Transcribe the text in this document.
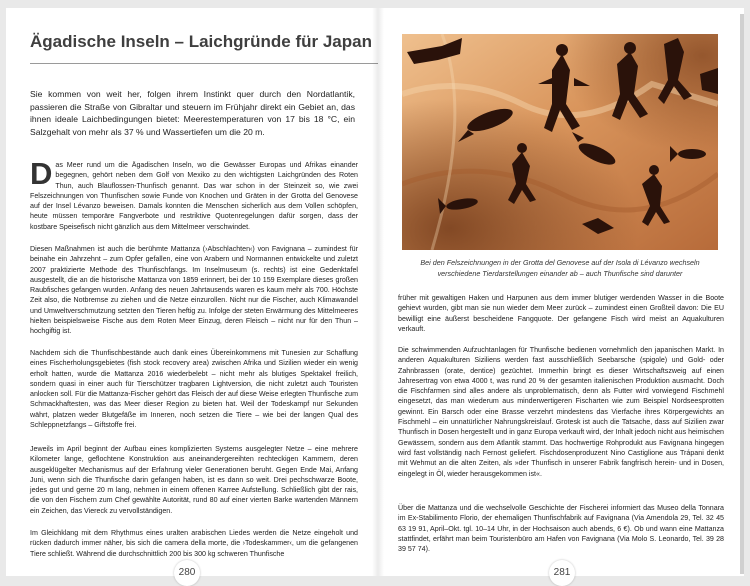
Ägadische Inseln – Laichgründe für Japan

Sie kommen von weit her, folgen ihrem Instinkt quer durch den Nordatlantik, passieren die Straße von Gibraltar und steuern im Frühjahr direkt ein Gebiet an, das ihnen ideale Laichbedingungen bietet: Meerestemperaturen von 17 bis 18 °C, ein Salzgehalt von mehr als 37 % und Wassertiefen um die 20 m.

Das Meer rund um die Ägadischen Inseln, wo die Gewässer Europas und Afrikas einander begegnen, gehört neben dem Golf von Mexiko zu den wichtigsten Laichgründen des Roten Thun, auch Blauflossen-Thunfisch genannt. Das war schon in der Steinzeit so, wie zwei Felszeichnungen von Thunfischen sowie Funde von Knochen und Gräten in der Grotta del Genovese auf der Insel Lévanzo beweisen. Damals konnten die Menschen sicherlich aus dem Vollen schöpfen, heute müssen temporäre Fangverbote und restriktive Quotenregelungen dafür sorgen, dass der kostbare Speisefisch nicht gänzlich aus dem Mittelmeer verschwindet.

Diesen Maßnahmen ist auch die berühmte Mattanza (›Abschlachten‹) von Favignana – zumindest für beinahe ein Jahrzehnt – zum Opfer gefallen, eine von Arabern und Normannen entwickelte und zuletzt 2007 praktizierte Methode des Thunfischfangs. Im Inselmuseum (s. rechts) ist eine Gedenktafel ausgestellt, die an die historische Mattanza von 1859 erinnert, bei der 10 159 Exemplare dieses großen Raubfisches gefangen wurden. Anfang des neuen Jahrtausends waren es kaum mehr als 700. Höchste Zeit also, die Notbremse zu ziehen und die Netze einzurollen. Nicht nur die Fischer, auch Klimawandel und Umweltverschmutzung setzten den Tieren heftig zu. Infolge der steten Erwärmung des Mittelmeeres hielten beispielsweise Fische aus dem Roten Meer Einzug, deren Fleisch – nicht nur für den Thun – hochgiftig ist.

Nachdem sich die Thunfischbestände auch dank eines Übereinkommens mit Tunesien zur Schaffung eines Fischerholungsgebietes (fish stock recovery area) zwischen Afrika und Sizilien wieder ein wenig erholt hatten, wurde die Mattanza 2016 wiederbelebt – nicht mehr als blutiges Spektakel freilich, sondern quasi in einer auch für Tierschützer tragbaren Lightversion, die nicht zuletzt auch Touristen anlocken soll. Für die Mattanza-Fischer gehört das Fleisch der auf diese Weise erlegten Thunfische zum Schmackhaftesten, was das Meer dieser Region zu bieten hat. Weil der Todeskampf nur Sekunden währt, platzen weder Blutgefäße im Inneren, noch setzen die Tiere – wie bei der langen Qual des Schleppnetzfangs – Giftstoffe frei.

Jeweils im April beginnt der Aufbau eines komplizierten Systems ausgelegter Netze – eine mehrere Kilometer lange, geflochtene Konstruktion aus aneinandergereihten rechteckigen Kammern, deren ausgeklügelter Mechanismus auf der Erfahrung vieler Generationen beruht. Gegen Ende Mai, Anfang Juni, wenn sich die Thunfische darin gefangen haben, ist es dann so weit. Drei pechschwarze Boote, jedes gut und gerne 20 m lang, nehmen in einem offenen Karree Aufstellung. Schließlich gibt der rais, die von den Fischern zum Chef gewählte Autorität, rund 80 auf einer vierten Barke wartenden Männern ein Zeichen, das Viereck zu vervollständigen.

Im Gleichklang mit dem Rhythmus eines uralten arabischen Liedes werden die Netze eingeholt und rücken dadurch immer näher, bis sich die camera della morte, die ›Todeskammer‹, um die gefangenen Tiere schließt. Während die durchschnittlich 200 bis 300 kg schweren Thunfische

Bei den Felszeichnungen in der Grotta del Genovese auf der Isola di Lévanzo wechseln verschiedene Tierdarstellungen einander ab – auch Thunfische sind darunter

früher mit gewaltigen Haken und Harpunen aus dem immer blutiger werdenden Wasser in die Boote gehievt wurden, gibt man sie nun wieder dem Meer zurück – zumindest einen Großteil davon: Die EU bewilligt eine äußerst bescheidene Fangquote. Der gefangene Fisch wird meist an Aquakulturen verkauft.

Die schwimmenden Aufzuchtanlagen für Thunfische bedienen vornehmlich den japanischen Markt. In anderen Aquakulturen Siziliens werden fast ausschließlich Seebarsche (spigole) und Gold- oder Zahnbrassen (orate, dentice) gezüchtet. Immerhin bringt es dieser Wirtschaftszweig auf einen Jahresertrag von etwa 4000 t, was rund 20 % der gesamten italienischen Produktion ausmacht. Doch die Fischfarmen sind alles andere als unproblematisch, denn als Futter wird vorwiegend Fischmehl eingesetzt, das man wiederum aus minderwertigeren Fischarten wie zum Beispiel Nordseesprotten gewinnt. Ein Barsch oder eine Brasse verzehrt mindestens das Vierfache ihres Körpergewichts an Fischmehl – ein unnatürlicher Nahrungskreislauf. Grotesk ist auch die Tatsache, dass auf Sizilien zwar Thunfisch in Dosen hergestellt und in ganz Europa verkauft wird, der Inhalt jedoch nicht aus heimischen Gewässern, sondern aus dem Atlantik stammt. Das hochwertige Rohprodukt aus Favignana hingegen wird fast vollständig nach Fernost geliefert. Fischdosenproduzent Nino Castiglione aus Trápani denkt mit Wehmut an die alten Zeiten, als »der Thunfisch in unserer Fabrik fangfrisch herein- und in Dosen, eingelegt in Öl, wieder herausgekommen ist«.

Über die Mattanza und die wechselvolle Geschichte der Fischerei informiert das Museo della Tonnara im Ex-Stabilimento Florio, der ehemaligen Thunfischfabrik auf Favignana (Via Amendola 29, Tel. 32 45 63 19 91, April–Okt. tgl. 10–14 Uhr, in der Hochsaison auch abends, 6 €). Ob und wann eine Mattanza stattfindet, erfährt man beim Touristenbüro am Hafen von Favignana (Via Molo S. Leonardo, Tel. 39 28 39 57 74).

280	281
